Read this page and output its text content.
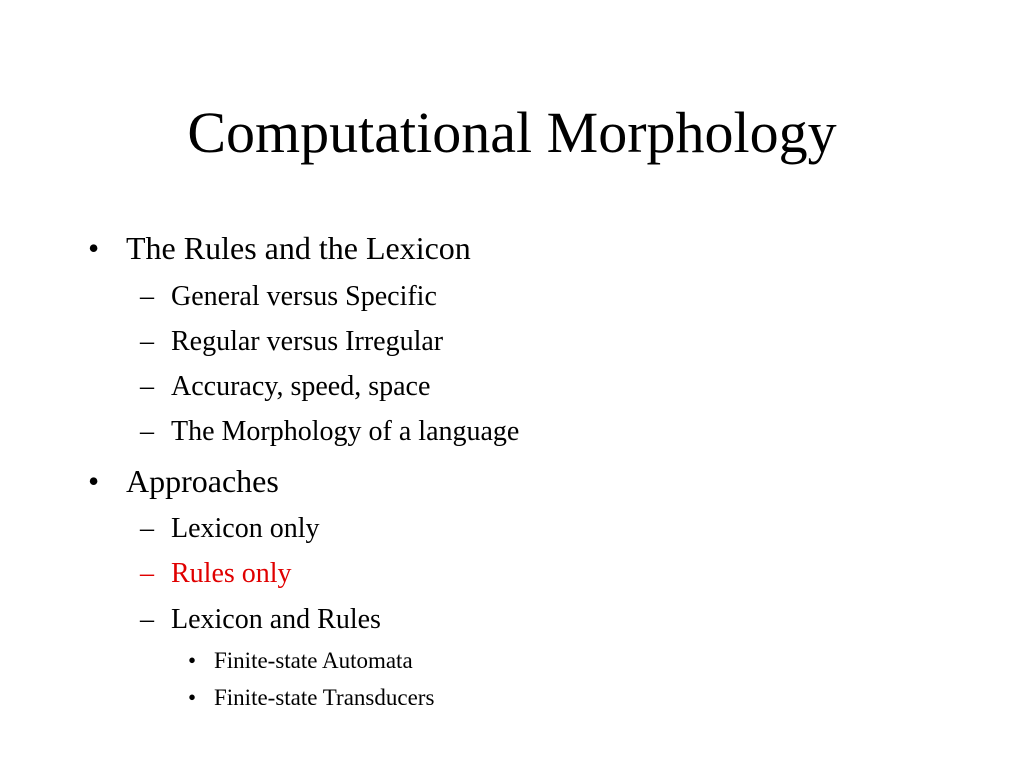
Computational Morphology
• The Rules and the Lexicon
– General versus Specific
– Regular versus Irregular
– Accuracy, speed, space
– The Morphology of a language
• Approaches
– Lexicon only
– Rules only
– Lexicon and Rules
• Finite-state Automata
• Finite-state Transducers
